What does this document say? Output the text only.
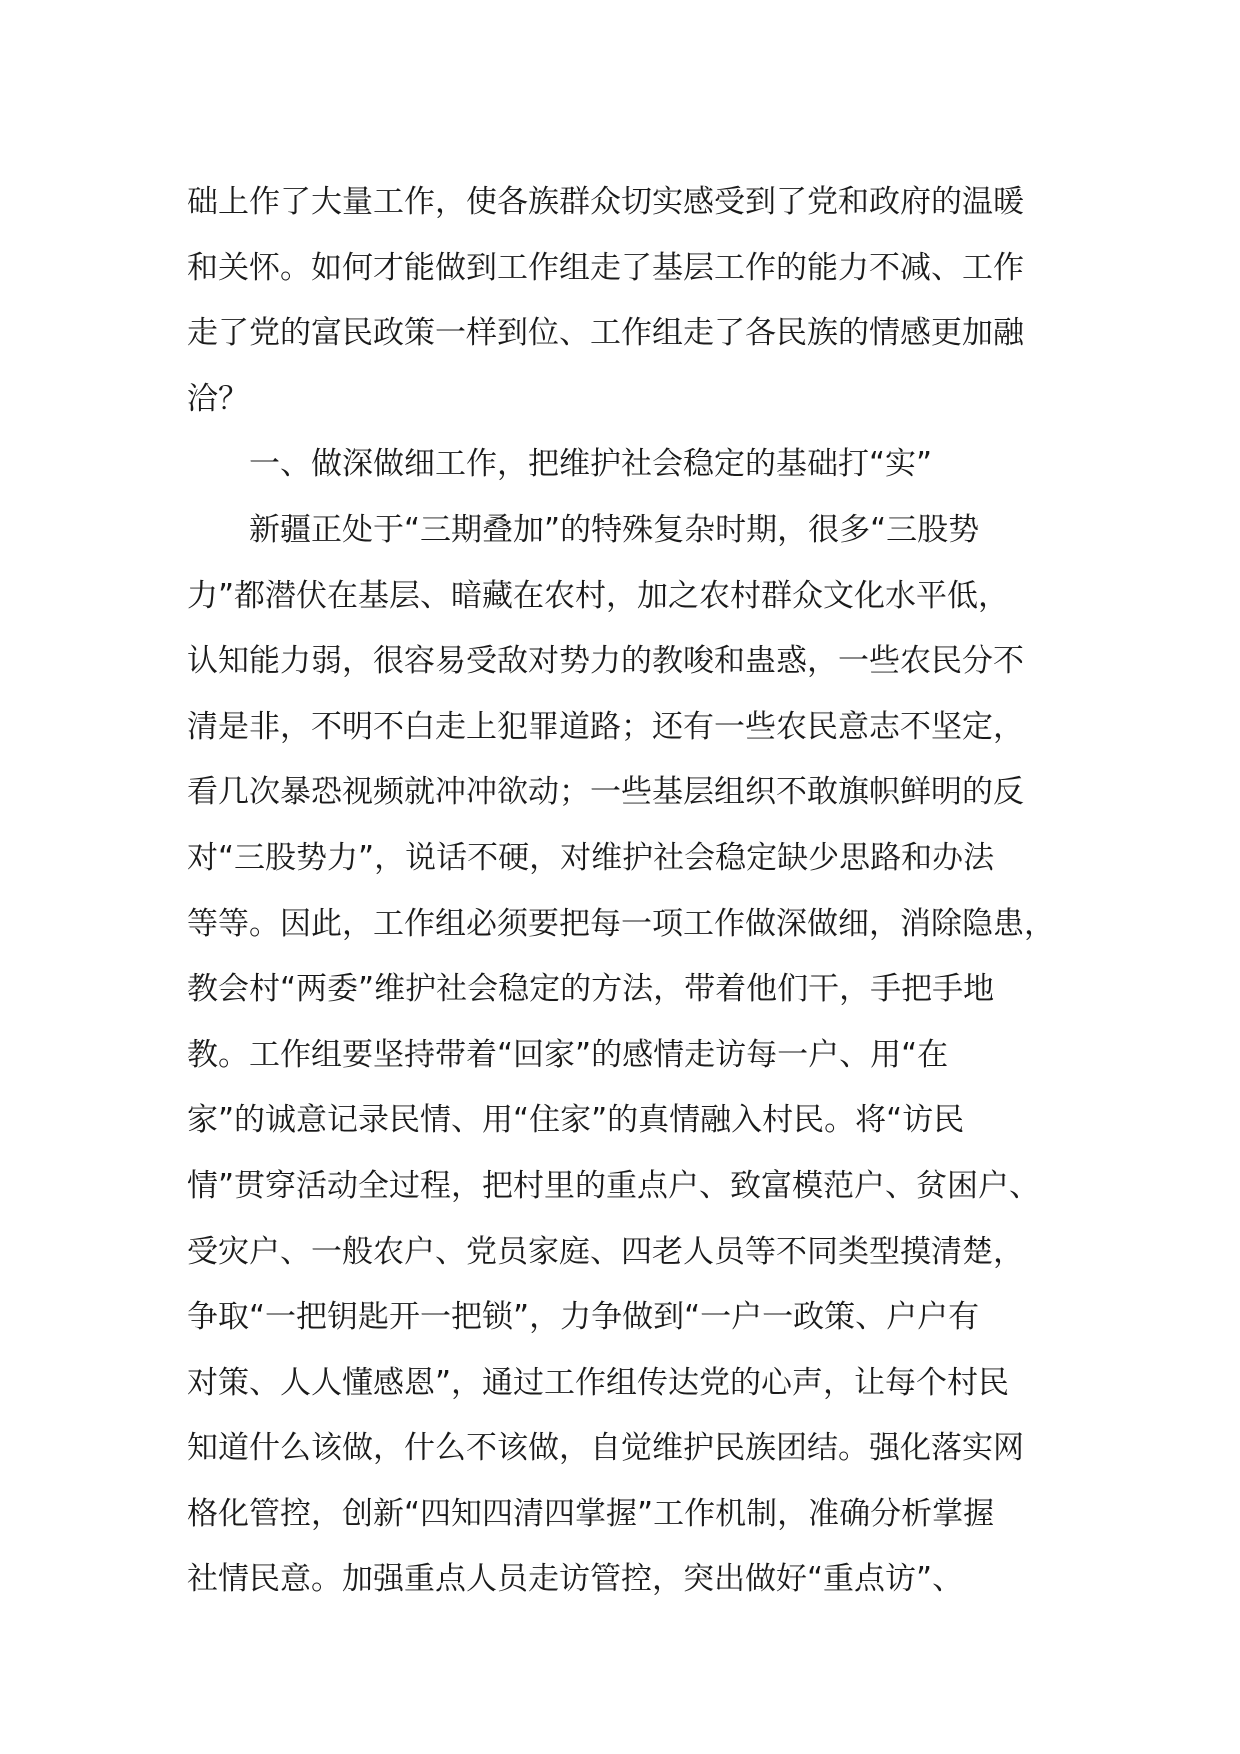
础上作了大量工作，使各族群众切实感受到了党和政府的温暖
和关怀。如何才能做到工作组走了基层工作的能力不减、工作
走了党的富民政策一样到位、工作组走了各民族的情感更加融
洽？
　　一、做深做细工作，把维护社会稳定的基础打“实”
　　新疆正处于“三期叠加”的特殊复杂时期，很多“三股势
力”都潜伏在基层、暗藏在农村，加之农村群众文化水平低，
认知能力弱，很容易受敌对势力的教唆和蛊惑，一些农民分不
清是非，不明不白走上犯罪道路；还有一些农民意志不坚定，
看几次暴恐视频就冲冲欲动；一些基层组织不敢旗帜鲜明的反
对“三股势力”，说话不硬，对维护社会稳定缺少思路和办法
等等。因此，工作组必须要把每一项工作做深做细，消除隐患，
教会村“两委”维护社会稳定的方法，带着他们干，手把手地
教。工作组要坚持带着“回家”的感情走访每一户、用“在
家”的诚意记录民情、用“住家”的真情融入村民。将“访民
情”贯穿活动全过程，把村里的重点户、致富模范户、贫困户、
受灾户、一般农户、党员家庭、四老人员等不同类型摸清楚，
争取“一把钥匙开一把锁”，力争做到“一户一政策、户户有
对策、人人懂感恩”，通过工作组传达党的心声，让每个村民
知道什么该做，什么不该做，自觉维护民族团结。强化落实网
格化管控，创新“四知四清四掌握”工作机制，准确分析掌握
社情民意。加强重点人员走访管控，突出做好“重点访”、
